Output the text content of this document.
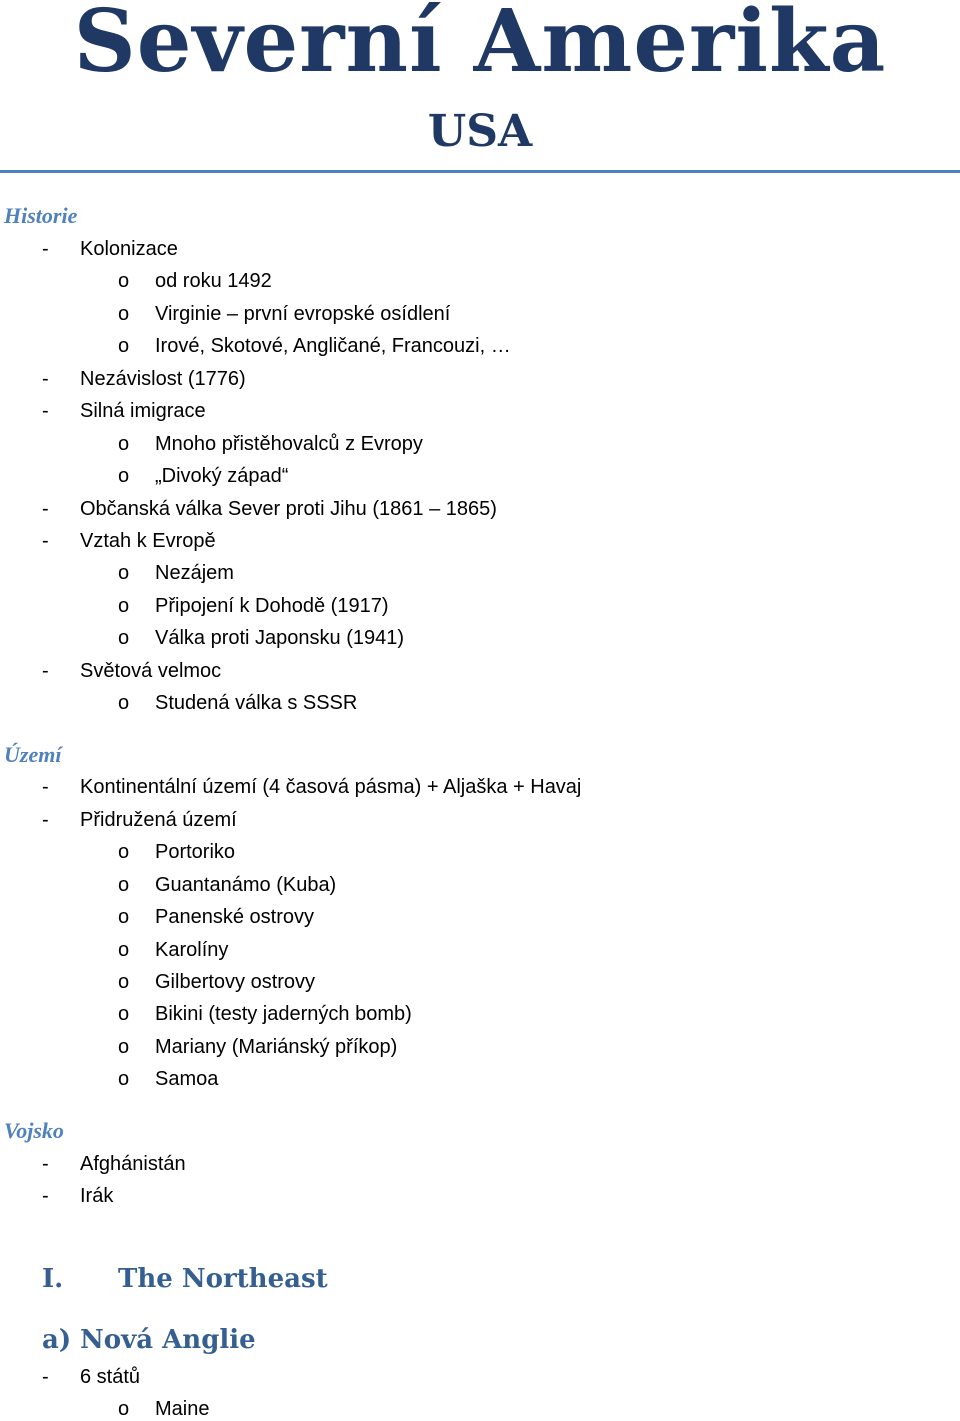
Severní Amerika
USA
Historie
- Kolonizace
o od roku 1492
o Virginie – první evropské osídlení
o Irové, Skotové, Angličané, Francouzi, …
- Nezávislost (1776)
- Silná imigrace
o Mnoho přistěhovalců z Evropy
o „Divoký západ“
- Občanská válka Sever proti Jihu (1861 – 1865)
- Vztah k Evropě
o Nezájem
o Připojení k Dohodě (1917)
o Válka proti Japonsku (1941)
- Světová velmoc
o Studená válka s SSSR
Území
- Kontinentální území (4 časová pásma) + Aljaška + Havaj
- Přidružená území
o Portoriko
o Guantanámo (Kuba)
o Panenské ostrovy
o Karolíny
o Gilbertovy ostrovy
o Bikini (testy jaderných bomb)
o Mariany (Mariánský příkop)
o Samoa
Vojsko
- Afghánistán
- Irák
I. The Northeast
a) Nová Anglie
- 6 států
o Maine
